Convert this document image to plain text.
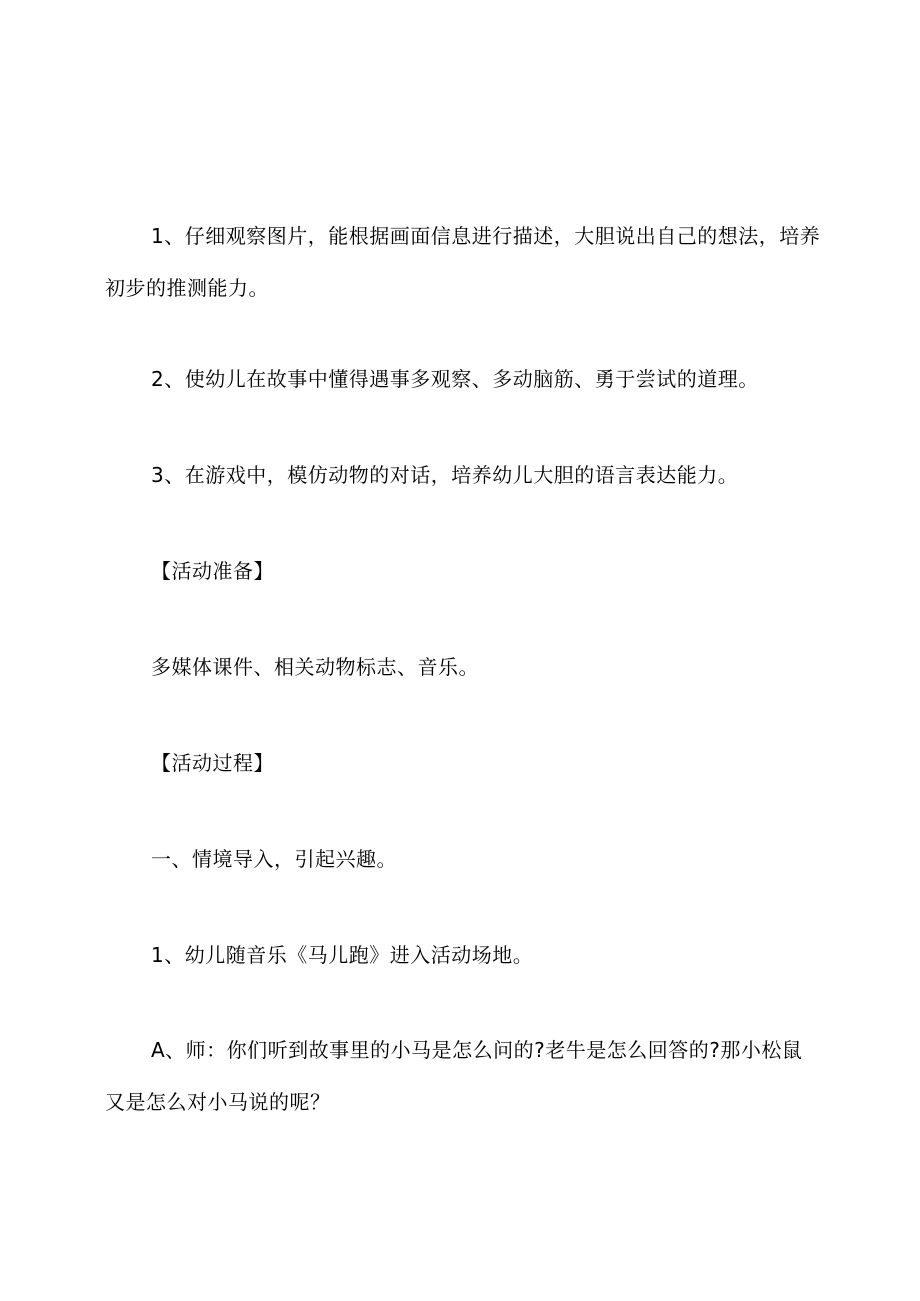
1、仔细观察图片，能根据画面信息进行描述，大胆说出自己的想法，培养初步的推测能力。

2、使幼儿在故事中懂得遇事多观察、多动脑筋、勇于尝试的道理。

3、在游戏中，模仿动物的对话，培养幼儿大胆的语言表达能力。

【活动准备】

多媒体课件、相关动物标志、音乐。

【活动过程】

一、情境导入，引起兴趣。

1、幼儿随音乐《马儿跑》进入活动场地。

A、师：你们听到故事里的小马是怎么问的?老牛是怎么回答的?那小松鼠又是怎么对小马说的呢？
